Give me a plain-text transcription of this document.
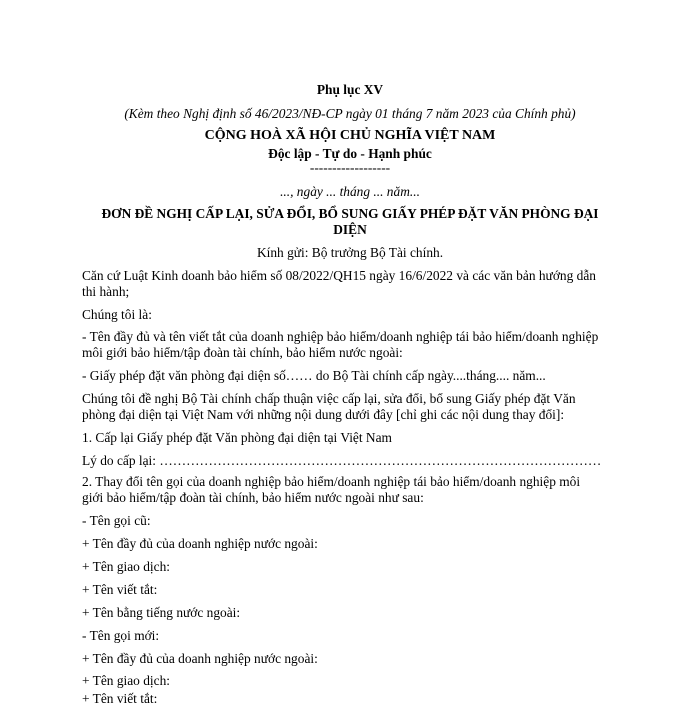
Phụ lục XV

(Kèm theo Nghị định số 46/2023/NĐ-CP ngày 01 tháng 7 năm 2023 của Chính phủ)

CỘNG HOÀ XÃ HỘI CHỦ NGHĨA VIỆT NAM

Độc lập - Tự do - Hạnh phúc

------------------

..., ngày ... tháng ... năm...

ĐƠN ĐỀ NGHỊ CẤP LẠI, SỬA ĐỔI, BỔ SUNG GIẤY PHÉP ĐẶT VĂN PHÒNG ĐẠI

DIỆN

Kính gửi: Bộ trưởng Bộ Tài chính.

Căn cứ Luật Kinh doanh bảo hiểm số 08/2022/QH15 ngày 16/6/2022 và các văn bản hướng dẫn

thi hành;

Chúng tôi là:

- Tên đầy đủ và tên viết tắt của doanh nghiệp bảo hiểm/doanh nghiệp tái bảo hiểm/doanh nghiệp

môi giới bảo hiểm/tập đoàn tài chính, bảo hiểm nước ngoài:

- Giấy phép đặt văn phòng đại diện số…… do Bộ Tài chính cấp ngày....tháng.... năm...

Chúng tôi đề nghị Bộ Tài chính chấp thuận việc cấp lại, sửa đổi, bổ sung Giấy phép đặt Văn

phòng đại diện tại Việt Nam với những nội dung dưới đây [chỉ ghi các nội dung thay đổi]:

1. Cấp lại Giấy phép đặt Văn phòng đại diện tại Việt Nam

Lý do cấp lại: ………………………………………………………………………………………

2. Thay đổi tên gọi của doanh nghiệp bảo hiểm/doanh nghiệp tái bảo hiểm/doanh nghiệp môi

giới bảo hiểm/tập đoàn tài chính, bảo hiểm nước ngoài như sau:

- Tên gọi cũ:

+ Tên đầy đủ của doanh nghiệp nước ngoài:

+ Tên giao dịch:

+ Tên viết tắt:

+ Tên bằng tiếng nước ngoài:

- Tên gọi mới:

+ Tên đầy đủ của doanh nghiệp nước ngoài:

+ Tên giao dịch:

+ Tên viết tắt:
